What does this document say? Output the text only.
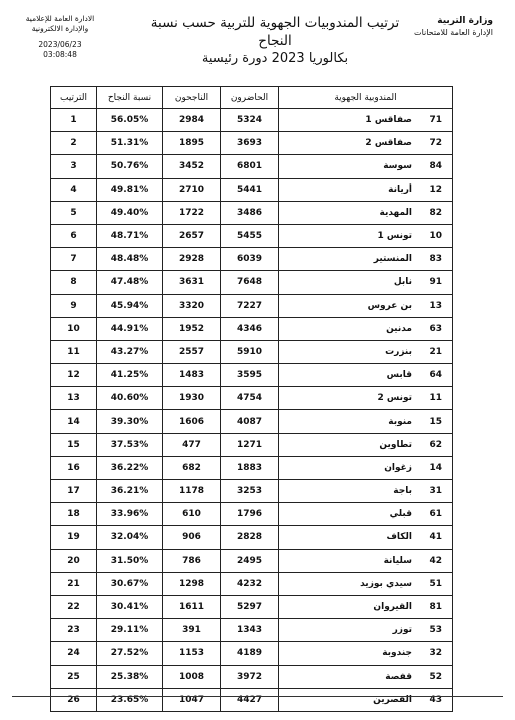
وزارة التربية
الإدارة العامة للامتحانات
ترتيب المندوبيات الجهوية للتربية حسب نسبة النجاح
بكالوريا 2023 دورة رئيسية
الادارة العامة للإعلامية
والإدارة الالكترونية
2023/06/23
03:08:48
المندوبية الجهوية	الحاضرون	الناجحون	نسبة النجاح	الترتيب
71صفاقس 1	5324	2984	56.05%	1
72صفاقس 2	3693	1895	51.31%	2
84سوسة	6801	3452	50.76%	3
12أريانة	5441	2710	49.81%	4
82المهدية	3486	1722	49.40%	5
10تونس 1	5455	2657	48.71%	6
83المنستير	6039	2928	48.48%	7
91نابل	7648	3631	47.48%	8
13بن عروس	7227	3320	45.94%	9
63مدنين	4346	1952	44.91%	10
21بنزرت	5910	2557	43.27%	11
64قابس	3595	1483	41.25%	12
11تونس 2	4754	1930	40.60%	13
15منوبة	4087	1606	39.30%	14
62تطاوين	1271	477	37.53%	15
14زغوان	1883	682	36.22%	16
31باجة	3253	1178	36.21%	17
61قبلي	1796	610	33.96%	18
41الكاف	2828	906	32.04%	19
42سليانة	2495	786	31.50%	20
51سيدي بوزيد	4232	1298	30.67%	21
81القيروان	5297	1611	30.41%	22
53توزر	1343	391	29.11%	23
32جندوبة	4189	1153	27.52%	24
52قفصة	3972	1008	25.38%	25
43القصرين	4427	1047	23.65%	26
